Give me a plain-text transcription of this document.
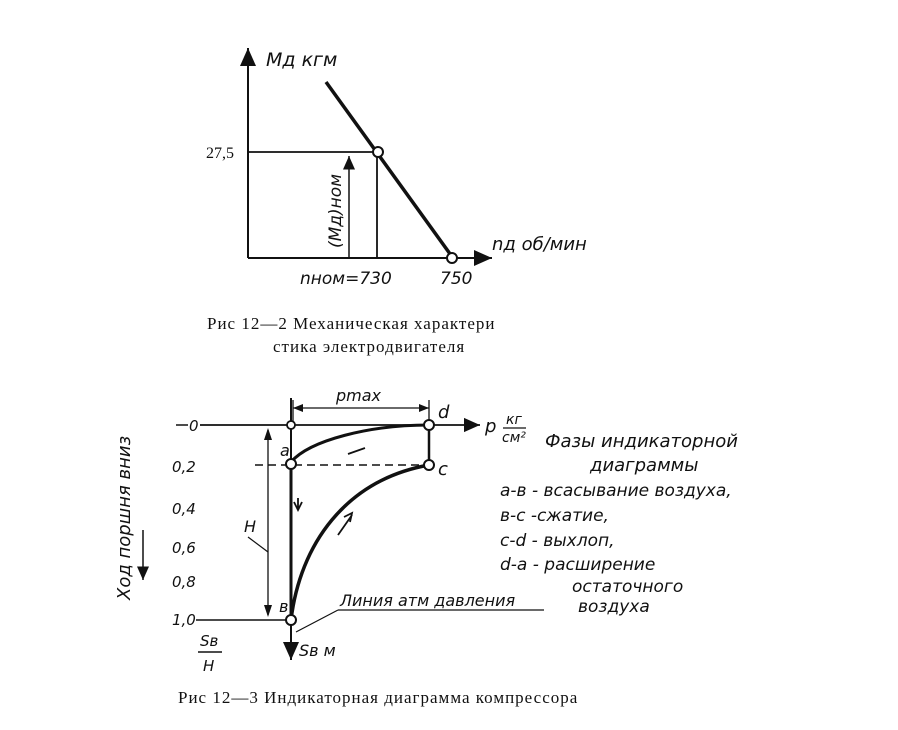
Mд кгм
nд об/мин
27,5
nном=730	750
(Mд)ном
0
0,2
0,4
0,6
0,8
1,0
Ход поршня вниз
Sв
H
p кг
см²
pmax
d
c
a
в
H
Sв м
Линия атм давления
Фазы индикаторной
диаграммы
a-в - всасывание воздуха,
в-с -сжатие,
c-d - выхлоп,
d-a - расширение
остаточного
воздуха
Рис 12—2 Механическая характери
стика электродвигателя
Рис 12—3 Индикаторная диаграмма компрессора
